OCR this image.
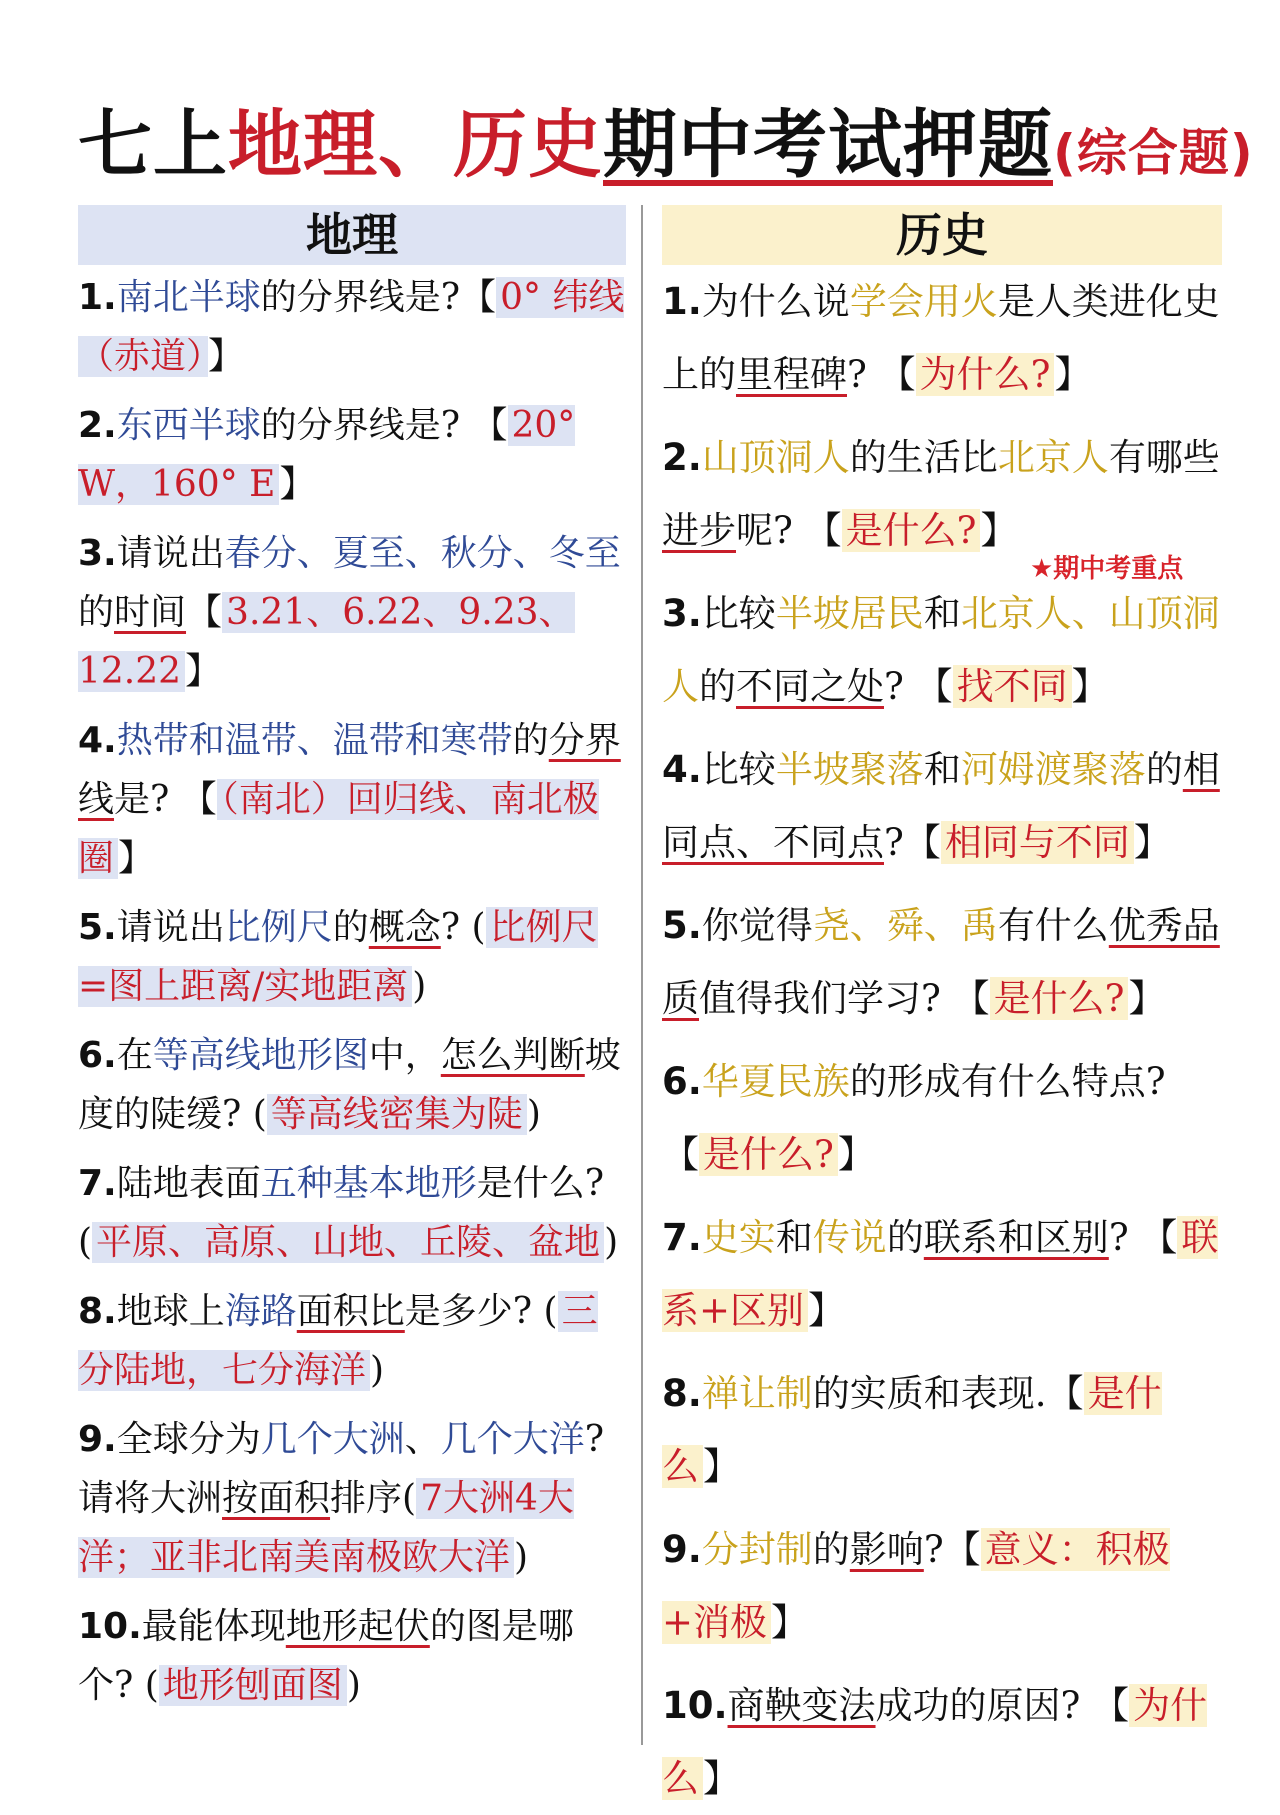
七上地理、历史期中考试押题(综合题)
地理

1.南北半球的分界线是?【 0° 纬线（赤道） 】

2.东西半球的分界线是? 【 20° W，160° E 】

3.请说出春分、夏至、秋分、冬至的时间【 3.21、6.22、9.23、12.22 】

4.热带和温带、温带和寒带的分界线是? 【 （南北）回归线、南北极圈 】

5.请说出比例尺的概念? ( 比例尺=图上距离/实地距离 )

6.在等高线地形图中，怎么判断坡度的陡缓? ( 等高线密集为陡 )

7.陆地表面五种基本地形是什么? ( 平原、高原、山地、丘陵、盆地 )

8.地球上海路面积比是多少? ( 三分陆地，七分海洋 )

9.全球分为几个大洲、几个大洋? 请将大洲按面积排序( 7大洲4大洋；亚非北南美南极欧大洋 )

10.最能体现地形起伏的图是哪个? ( 地形刨面图 )

历史

1.为什么说学会用火是人类进化史上的里程碑? 【 为什么? 】

2.山顶洞人的生活比北京人有哪些进步呢? 【 是什么? 】

3.比较半坡居民和北京人、山顶洞人的不同之处? 【 找不同 】

4.比较半坡聚落和河姆渡聚落的相同点、不同点?【 相同与不同 】

5.你觉得尧、舜、禹有什么优秀品质值得我们学习? 【 是什么? 】

6.华夏民族的形成有什么特点? 【 是什么? 】

7.史实和传说的联系和区别? 【 联系+区别 】

8.禅让制的实质和表现.【 是什么 】

9.分封制的影响?【 意义：积极+消极 】

10.商鞅变法成功的原因? 【 为什么 】

★期中考重点
